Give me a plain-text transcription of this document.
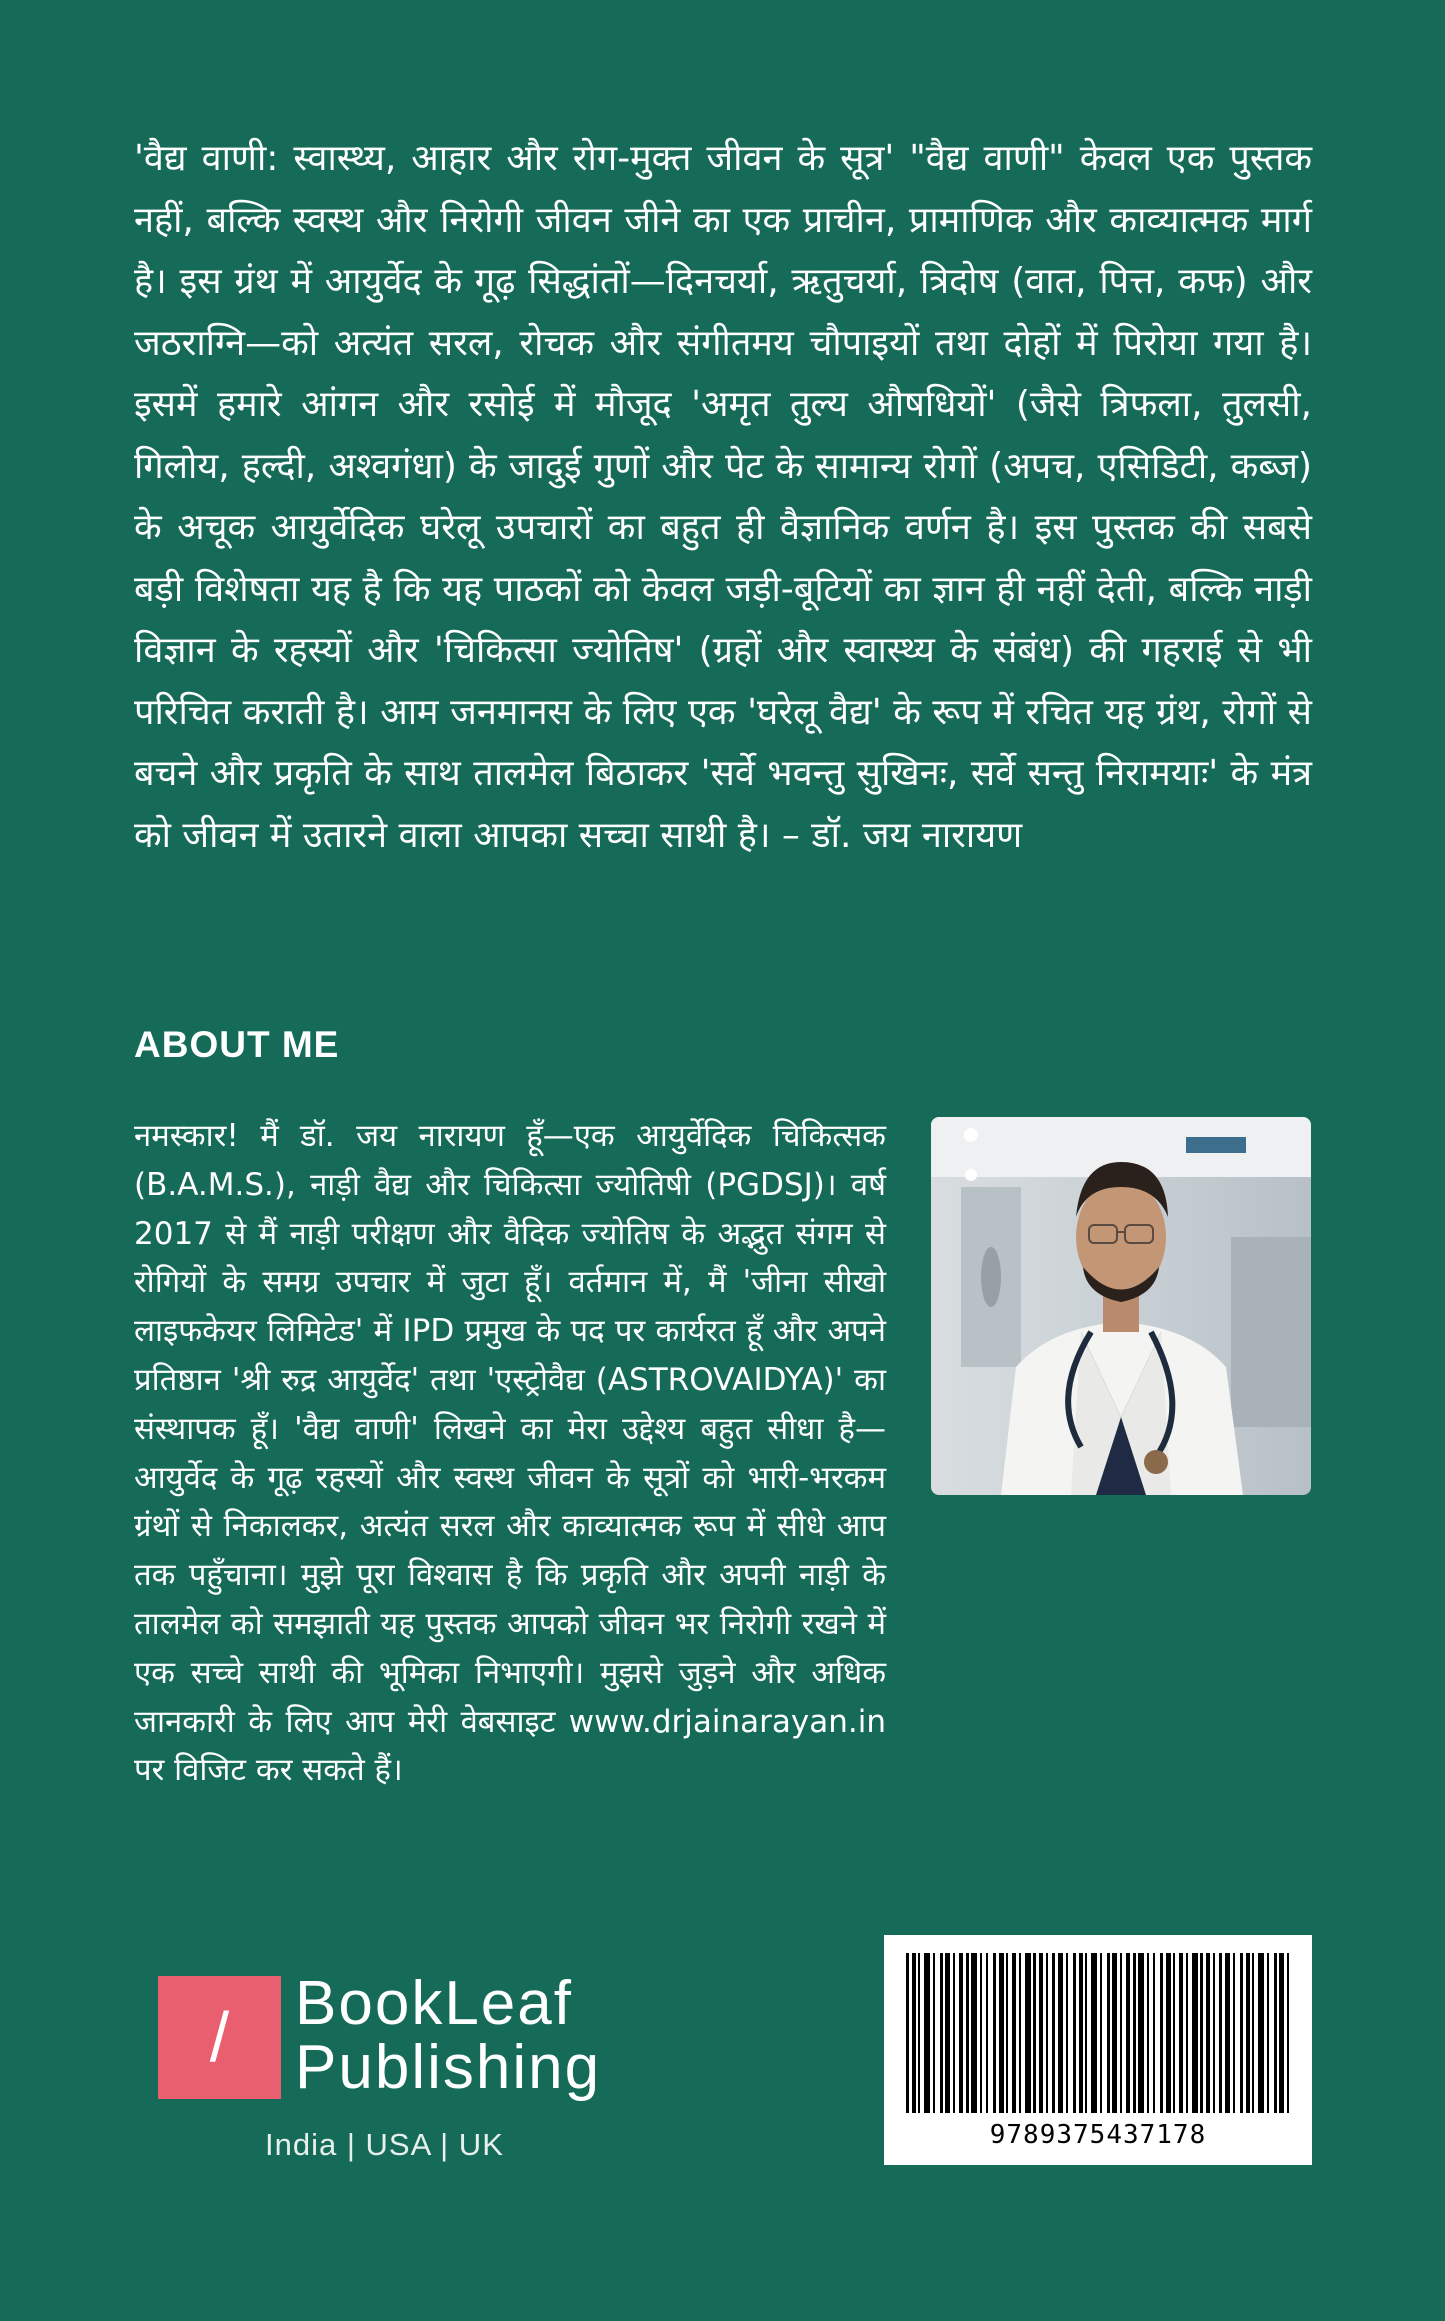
'वैद्य वाणी: स्वास्थ्य, आहार और रोग-मुक्त जीवन के सूत्र' "वैद्य वाणी" केवल एक पुस्तक नहीं, बल्कि स्वस्थ और निरोगी जीवन जीने का एक प्राचीन, प्रामाणिक और काव्यात्मक मार्ग है। इस ग्रंथ में आयुर्वेद के गूढ़ सिद्धांतों—दिनचर्या, ऋतुचर्या, त्रिदोष (वात, पित्त, कफ) और जठराग्नि—को अत्यंत सरल, रोचक और संगीतमय चौपाइयों तथा दोहों में पिरोया गया है। इसमें हमारे आंगन और रसोई में मौजूद 'अमृत तुल्य औषधियों' (जैसे त्रिफला, तुलसी, गिलोय, हल्दी, अश्वगंधा) के जादुई गुणों और पेट के सामान्य रोगों (अपच, एसिडिटी, कब्ज) के अचूक आयुर्वेदिक घरेलू उपचारों का बहुत ही वैज्ञानिक वर्णन है। इस पुस्तक की सबसे बड़ी विशेषता यह है कि यह पाठकों को केवल जड़ी-बूटियों का ज्ञान ही नहीं देती, बल्कि नाड़ी विज्ञान के रहस्यों और 'चिकित्सा ज्योतिष' (ग्रहों और स्वास्थ्य के संबंध) की गहराई से भी परिचित कराती है। आम जनमानस के लिए एक 'घरेलू वैद्य' के रूप में रचित यह ग्रंथ, रोगों से बचने और प्रकृति के साथ तालमेल बिठाकर 'सर्वे भवन्तु सुखिनः, सर्वे सन्तु निरामयाः' के मंत्र को जीवन में उतारने वाला आपका सच्चा साथी है। – डॉ. जय नारायण
ABOUT ME
नमस्कार! मैं डॉ. जय नारायण हूँ—एक आयुर्वेदिक चिकित्सक (B.A.M.S.), नाड़ी वैद्य और चिकित्सा ज्योतिषी (PGDSJ)। वर्ष 2017 से मैं नाड़ी परीक्षण और वैदिक ज्योतिष के अद्भुत संगम से रोगियों के समग्र उपचार में जुटा हूँ। वर्तमान में, मैं 'जीना सीखो लाइफकेयर लिमिटेड' में IPD प्रमुख के पद पर कार्यरत हूँ और अपने प्रतिष्ठान 'श्री रुद्र आयुर्वेद' तथा 'एस्ट्रोवैद्य (ASTROVAIDYA)' का संस्थापक हूँ। 'वैद्य वाणी' लिखने का मेरा उद्देश्य बहुत सीधा है—आयुर्वेद के गूढ़ रहस्यों और स्वस्थ जीवन के सूत्रों को भारी-भरकम ग्रंथों से निकालकर, अत्यंत सरल और काव्यात्मक रूप में सीधे आप तक पहुँचाना। मुझे पूरा विश्वास है कि प्रकृति और अपनी नाड़ी के तालमेल को समझाती यह पुस्तक आपको जीवन भर निरोगी रखने में एक सच्चे साथी की भूमिका निभाएगी। मुझसे जुड़ने और अधिक जानकारी के लिए आप मेरी वेबसाइट www.drjainarayan.in पर विजिट कर सकते हैं।
/	BookLeaf
Publishing
India | USA | UK	9789375437178
